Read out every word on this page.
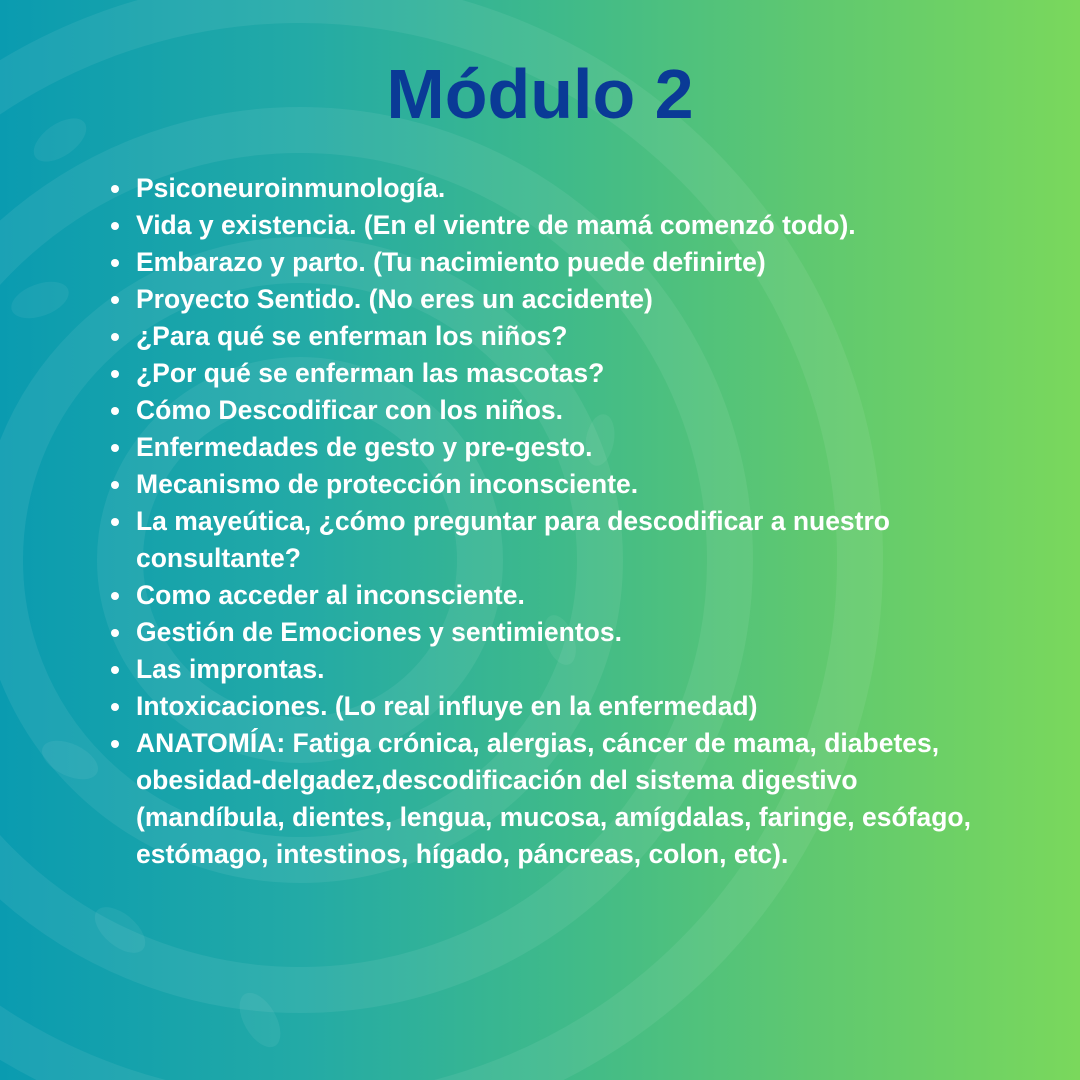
Módulo 2
Psiconeuroinmunología.
Vida y existencia. (En el vientre de mamá comenzó todo).
Embarazo y parto. (Tu nacimiento puede definirte)
Proyecto Sentido. (No eres un accidente)
¿Para qué se enferman los niños?
¿Por qué se enferman las mascotas?
Cómo Descodificar con los niños.
Enfermedades de gesto y pre-gesto.
Mecanismo de protección inconsciente.
La mayeútica, ¿cómo preguntar para descodificar a nuestro consultante?
Como acceder al inconsciente.
Gestión de Emociones y sentimientos.
Las improntas.
Intoxicaciones. (Lo real influye en la enfermedad)
ANATOMÍA: Fatiga crónica, alergias, cáncer de mama, diabetes, obesidad-delgadez,descodificación del sistema digestivo (mandíbula, dientes, lengua, mucosa, amígdalas, faringe, esófago, estómago, intestinos, hígado, páncreas, colon, etc).
